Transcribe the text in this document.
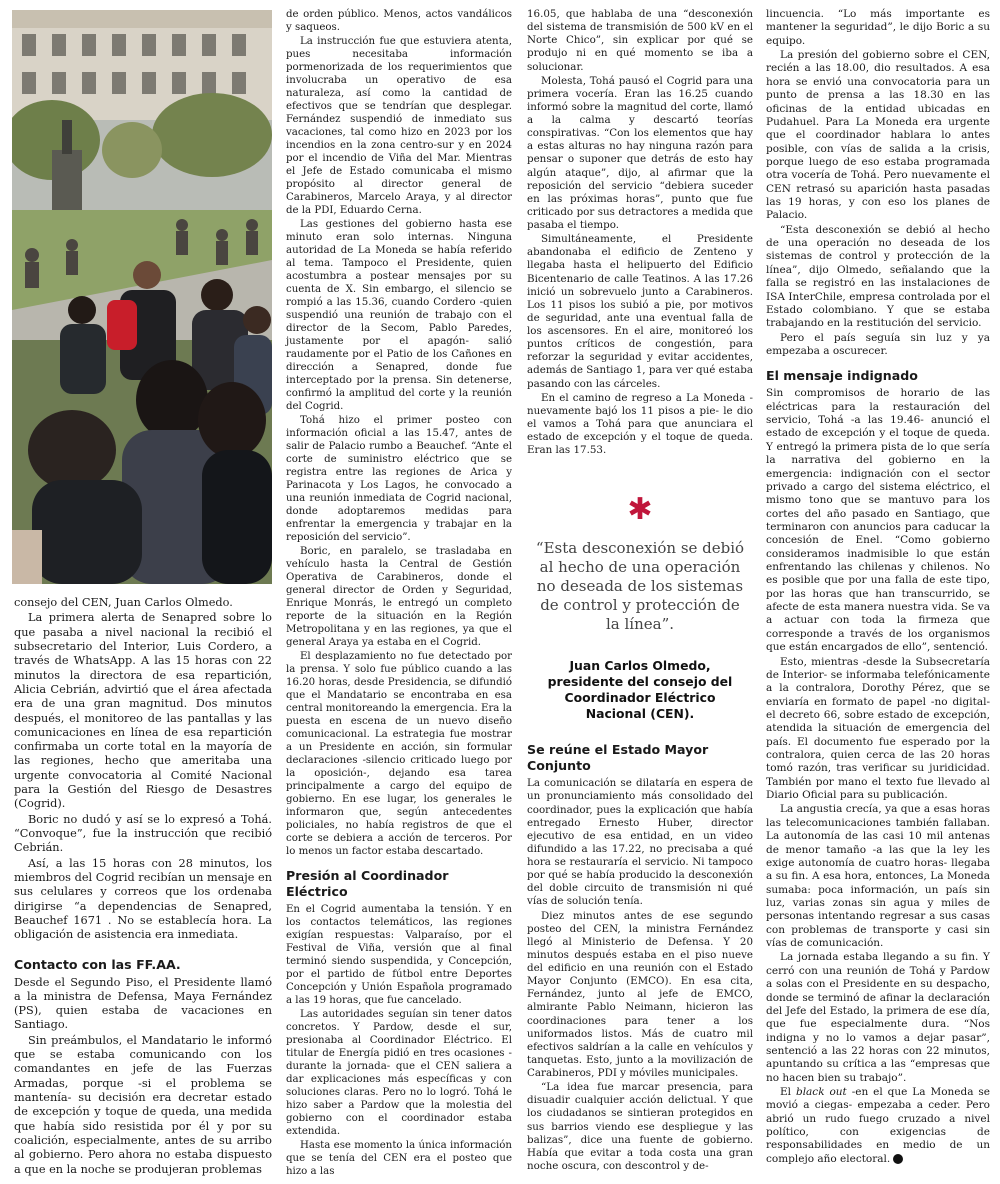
consejo del CEN, Juan Carlos Olmedo.

La primera alerta de Senapred sobre lo que pasaba a nivel nacional la recibió el subsecretario del Interior, Luis Cordero, a través de WhatsApp. A las 15 horas con 22 minutos la directora de esa repartición, Alicia Cebrián, advirtió que el área afectada era de una gran magnitud. Dos minutos después, el monitoreo de las pantallas y las comunicaciones en línea de esa repartición confirmaba un corte total en la mayoría de las regiones, hecho que ameritaba una urgente convocatoria al Comité Nacional para la Gestión del Riesgo de Desastres (Cogrid).

Boric no dudó y así se lo expresó a Tohá. “Convoque”, fue la instrucción que recibió Cebrián.

Así, a las 15 horas con 28 minutos, los miembros del Cogrid recibían un mensaje en sus celulares y correos que los ordenaba dirigirse “a dependencias de Senapred, Beauchef 1671 . No se establecía hora. La obligación de asistencia era inmediata.

Contacto con las FF.AA.

Desde el Segundo Piso, el Presidente llamó a la ministra de Defensa, Maya Fernández (PS), quien estaba de vacaciones en Santiago.

Sin preámbulos, el Mandatario le informó que se estaba comunicando con los comandantes en jefe de las Fuerzas Armadas, porque -si el problema se mantenía- su decisión era decretar estado de excepción y toque de queda, una medida que había sido resistida por él y por su coalición, especialmente, antes de su arribo al gobierno. Pero ahora no estaba dispuesto a que en la noche se produjeran problemas

de orden público. Menos, actos vandálicos y saqueos.

La instrucción fue que estuviera atenta, pues necesitaba información pormenorizada de los requerimientos que involucraba un operativo de esa naturaleza, así como la cantidad de efectivos que se tendrían que desplegar. Fernández suspendió de inmediato sus vacaciones, tal como hizo en 2023 por los incendios en la zona centro-sur y en 2024 por el incendio de Viña del Mar. Mientras el Jefe de Estado comunicaba el mismo propósito al director general de Carabineros, Marcelo Araya, y al director de la PDI, Eduardo Cerna.

Las gestiones del gobierno hasta ese minuto eran solo internas. Ninguna autoridad de La Moneda se había referido al tema. Tampoco el Presidente, quien acostumbra a postear mensajes por su cuenta de X. Sin embargo, el silencio se rompió a las 15.36, cuando Cordero -quien suspendió una reunión de trabajo con el director de la Secom, Pablo Paredes, justamente por el apagón- salió raudamente por el Patio de los Cañones en dirección a Senapred, donde fue interceptado por la prensa. Sin detenerse, confirmó la amplitud del corte y la reunión del Cogrid.

Tohá hizo el primer posteo con información oficial a las 15.47, antes de salir de Palacio rumbo a Beauchef. “Ante el corte de suministro eléctrico que se registra entre las regiones de Arica y Parinacota y Los Lagos, he convocado a una reunión inmediata de Cogrid nacional, donde adoptaremos medidas para enfrentar la emergencia y trabajar en la reposición del servicio”.

Boric, en paralelo, se trasladaba en vehículo hasta la Central de Gestión Operativa de Carabineros, donde el general director de Orden y Seguridad, Enrique Monrás, le entregó un completo reporte de la situación en la Región Metropolitana y en las regiones, ya que el general Araya ya estaba en el Cogrid.

El desplazamiento no fue detectado por la prensa. Y solo fue público cuando a las 16.20 horas, desde Presidencia, se difundió que el Mandatario se encontraba en esa central monitoreando la emergencia. Era la puesta en escena de un nuevo diseño comunicacional. La estrategia fue mostrar a un Presidente en acción, sin formular declaraciones -silencio criticado luego por la oposición-, dejando esa tarea principalmente a cargo del equipo de gobierno. En ese lugar, los generales le informaron que, según antecedentes policiales, no había registros de que el corte se debiera a acción de terceros. Por lo menos un factor estaba descartado.

Presión al Coordinador Eléctrico

En el Cogrid aumentaba la tensión. Y en los contactos telemáticos, las regiones exigían respuestas: Valparaíso, por el Festival de Viña, versión que al final terminó siendo suspendida, y Concepción, por el partido de fútbol entre Deportes Concepción y Unión Española programado a las 19 horas, que fue cancelado.

Las autoridades seguían sin tener datos concretos. Y Pardow, desde el sur, presionaba al Coordinador Eléctrico. El titular de Energía pidió en tres ocasiones -durante la jornada- que el CEN saliera a dar explicaciones más específicas y con soluciones claras. Pero no lo logró. Tohá le hizo saber a Pardow que la molestia del gobierno con el coordinador estaba extendida.

Hasta ese momento la única información que se tenía del CEN era el posteo que hizo a las

16.05, que hablaba de una “desconexión del sistema de transmisión de 500 kV en el Norte Chico”, sin explicar por qué se produjo ni en qué momento se iba a solucionar.

Molesta, Tohá pausó el Cogrid para una primera vocería. Eran las 16.25 cuando informó sobre la magnitud del corte, llamó a la calma y descartó teorías conspirativas. “Con los elementos que hay a estas alturas no hay ninguna razón para pensar o suponer que detrás de esto hay algún ataque”, dijo, al afirmar que la reposición del servicio “debiera suceder en las próximas horas”, punto que fue criticado por sus detractores a medida que pasaba el tiempo.

Simultáneamente, el Presidente abandonaba el edificio de Zenteno y llegaba hasta el helipuerto del Edificio Bicentenario de calle Teatinos. A las 17.26 inició un sobrevuelo junto a Carabineros. Los 11 pisos los subió a pie, por motivos de seguridad, ante una eventual falla de los ascensores. En el aire, monitoreó los puntos críticos de congestión, para reforzar la seguridad y evitar accidentes, además de Santiago 1, para ver qué estaba pasando con las cárceles.

En el camino de regreso a La Moneda -nuevamente bajó los 11 pisos a pie- le dio el vamos a Tohá para que anunciara el estado de excepción y el toque de queda. Eran las 17.53.

✱
“Esta desconexión se debió al hecho de una operación no deseada de los sistemas de control y protección de la línea”.
Juan Carlos Olmedo, presidente del consejo del Coordinador Eléctrico Nacional (CEN).
Se reúne el Estado Mayor Conjunto

La comunicación se dilataría en espera de un pronunciamiento más consolidado del coordinador, pues la explicación que había entregado Ernesto Huber, director ejecutivo de esa entidad, en un video difundido a las 17.22, no precisaba a qué hora se restauraría el servicio. Ni tampoco por qué se había producido la desconexión del doble circuito de transmisión ni qué vías de solución tenía.

Diez minutos antes de ese segundo posteo del CEN, la ministra Fernández llegó al Ministerio de Defensa. Y 20 minutos después estaba en el piso nueve del edificio en una reunión con el Estado Mayor Conjunto (EMCO). En esa cita, Fernández, junto al jefe de EMCO, almirante Pablo Neimann, hicieron las coordinaciones para tener a los uniformados listos. Más de cuatro mil efectivos saldrían a la calle en vehículos y tanquetas. Esto, junto a la movilización de Carabineros, PDI y móviles municipales.

“La idea fue marcar presencia, para disuadir cualquier acción delictual. Y que los ciudadanos se sintieran protegidos en sus barrios viendo ese despliegue y las balizas”, dice una fuente de gobierno. Había que evitar a toda costa una gran noche oscura, con descontrol y de-

lincuencia. “Lo más importante es mantener la seguridad”, le dijo Boric a su equipo.

La presión del gobierno sobre el CEN, recién a las 18.00, dio resultados. A esa hora se envió una convocatoria para un punto de prensa a las 18.30 en las oficinas de la entidad ubicadas en Pudahuel. Para La Moneda era urgente que el coordinador hablara lo antes posible, con vías de salida a la crisis, porque luego de eso estaba programada otra vocería de Tohá. Pero nuevamente el CEN retrasó su aparición hasta pasadas las 19 horas, y con eso los planes de Palacio.

“Esta desconexión se debió al hecho de una operación no deseada de los sistemas de control y protección de la línea”, dijo Olmedo, señalando que la falla se registró en las instalaciones de ISA InterChile, empresa controlada por el Estado colombiano. Y que se estaba trabajando en la restitución del servicio.

Pero el país seguía sin luz y ya empezaba a oscurecer.

El mensaje indignado

Sin compromisos de horario de las eléctricas para la restauración del servicio, Tohá -a las 19.46- anunció el estado de excepción y el toque de queda. Y entregó la primera pista de lo que sería la narrativa del gobierno en la emergencia: indignación con el sector privado a cargo del sistema eléctrico, el mismo tono que se mantuvo para los cortes del año pasado en Santiago, que terminaron con anuncios para caducar la concesión de Enel. “Como gobierno consideramos inadmisible lo que están enfrentando las chilenas y chilenos. No es posible que por una falla de este tipo, por las horas que han transcurrido, se afecte de esta manera nuestra vida. Se va a actuar con toda la firmeza que corresponde a través de los organismos que están encargados de ello”, sentenció.

Esto, mientras -desde la Subsecretaría de Interior- se informaba telefónicamente a la contralora, Dorothy Pérez, que se enviaría en formato de papel -no digital- el decreto 66, sobre estado de excepción, atendida la situación de emergencia del país. El documento fue esperado por la contralora, quien cerca de las 20 horas tomó razón, tras verificar su juridicidad. También por mano el texto fue llevado al Diario Oficial para su publicación.

La angustia crecía, ya que a esas horas las telecomunicaciones también fallaban. La autonomía de las casi 10 mil antenas de menor tamaño -a las que la ley les exige autonomía de cuatro horas- llegaba a su fin. A esa hora, entonces, La Moneda sumaba: poca información, un país sin luz, varias zonas sin agua y miles de personas intentando regresar a sus casas con problemas de transporte y casi sin vías de comunicación.

La jornada estaba llegando a su fin. Y cerró con una reunión de Tohá y Pardow a solas con el Presidente en su despacho, donde se terminó de afinar la declaración del Jefe del Estado, la primera de ese día, que fue especialmente dura. “Nos indigna y no lo vamos a dejar pasar”, sentenció a las 22 horas con 22 minutos, apuntando su crítica a las “empresas que no hacen bien su trabajo”.

El black out -en el que La Moneda se movió a ciegas- empezaba a ceder. Pero abrió un rudo fuego cruzado a nivel político, con exigencias de responsabilidades en medio de un complejo año electoral.
